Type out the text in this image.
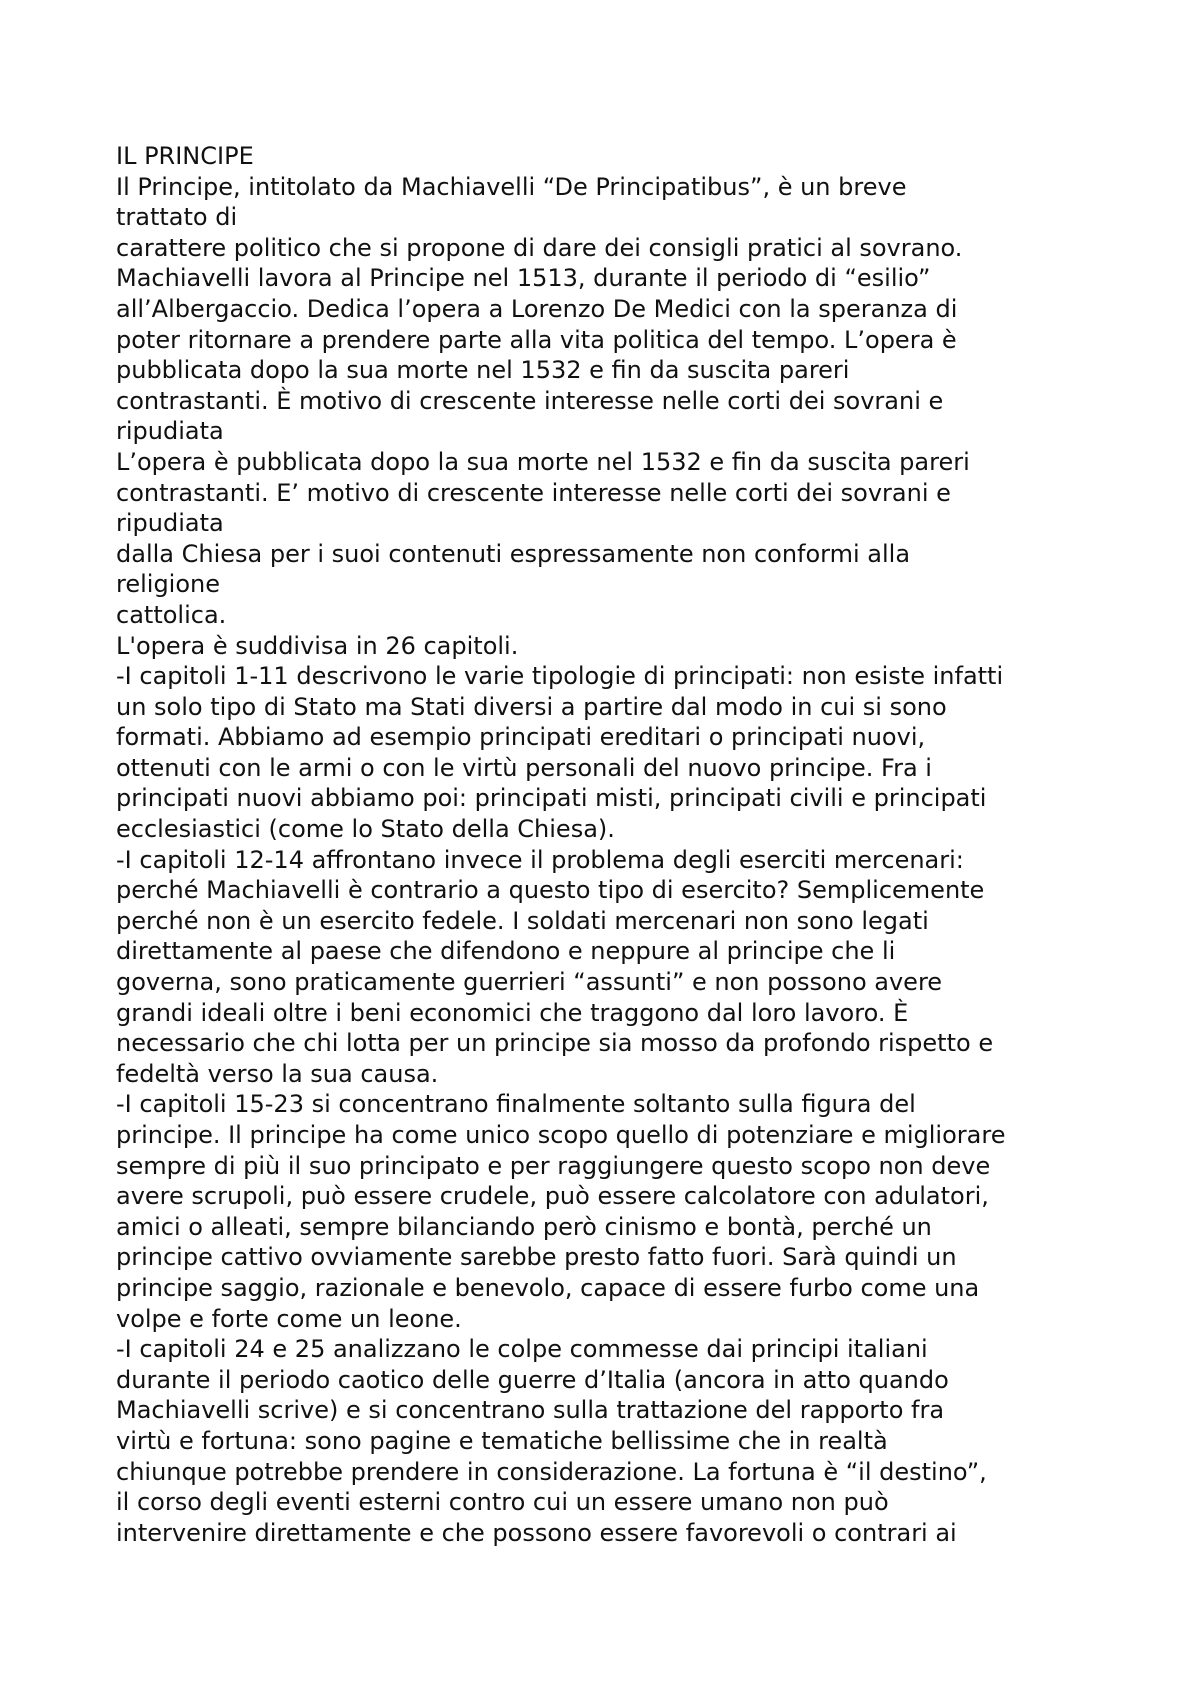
IL PRINCIPE
Il Principe, intitolato da Machiavelli “De Principatibus”, è un breve
trattato di
carattere politico che si propone di dare dei consigli pratici al sovrano.
Machiavelli lavora al Principe nel 1513, durante il periodo di “esilio”
all’Albergaccio. Dedica l’opera a Lorenzo De Medici con la speranza di
poter ritornare a prendere parte alla vita politica del tempo. L’opera è
pubblicata dopo la sua morte nel 1532 e fin da suscita pareri
contrastanti. È motivo di crescente interesse nelle corti dei sovrani e
ripudiata
L’opera è pubblicata dopo la sua morte nel 1532 e fin da suscita pareri
contrastanti. E’ motivo di crescente interesse nelle corti dei sovrani e
ripudiata
dalla Chiesa per i suoi contenuti espressamente non conformi alla
religione
cattolica.
L'opera è suddivisa in 26 capitoli.
-I capitoli 1-11 descrivono le varie tipologie di principati: non esiste infatti
un solo tipo di Stato ma Stati diversi a partire dal modo in cui si sono
formati. Abbiamo ad esempio principati ereditari o principati nuovi,
ottenuti con le armi o con le virtù personali del nuovo principe. Fra i
principati nuovi abbiamo poi: principati misti, principati civili e principati
ecclesiastici (come lo Stato della Chiesa).
-I capitoli 12-14 affrontano invece il problema degli eserciti mercenari:
perché Machiavelli è contrario a questo tipo di esercito? Semplicemente
perché non è un esercito fedele. I soldati mercenari non sono legati
direttamente al paese che difendono e neppure al principe che li
governa, sono praticamente guerrieri “assunti” e non possono avere
grandi ideali oltre i beni economici che traggono dal loro lavoro. È
necessario che chi lotta per un principe sia mosso da profondo rispetto e
fedeltà verso la sua causa.
-I capitoli 15-23 si concentrano finalmente soltanto sulla figura del
principe. Il principe ha come unico scopo quello di potenziare e migliorare
sempre di più il suo principato e per raggiungere questo scopo non deve
avere scrupoli, può essere crudele, può essere calcolatore con adulatori,
amici o alleati, sempre bilanciando però cinismo e bontà, perché un
principe cattivo ovviamente sarebbe presto fatto fuori. Sarà quindi un
principe saggio, razionale e benevolo, capace di essere furbo come una
volpe e forte come un leone.
-I capitoli 24 e 25 analizzano le colpe commesse dai principi italiani
durante il periodo caotico delle guerre d’Italia (ancora in atto quando
Machiavelli scrive) e si concentrano sulla trattazione del rapporto fra
virtù e fortuna: sono pagine e tematiche bellissime che in realtà
chiunque potrebbe prendere in considerazione. La fortuna è “il destino”,
il corso degli eventi esterni contro cui un essere umano non può
intervenire direttamente e che possono essere favorevoli o contrari ai
